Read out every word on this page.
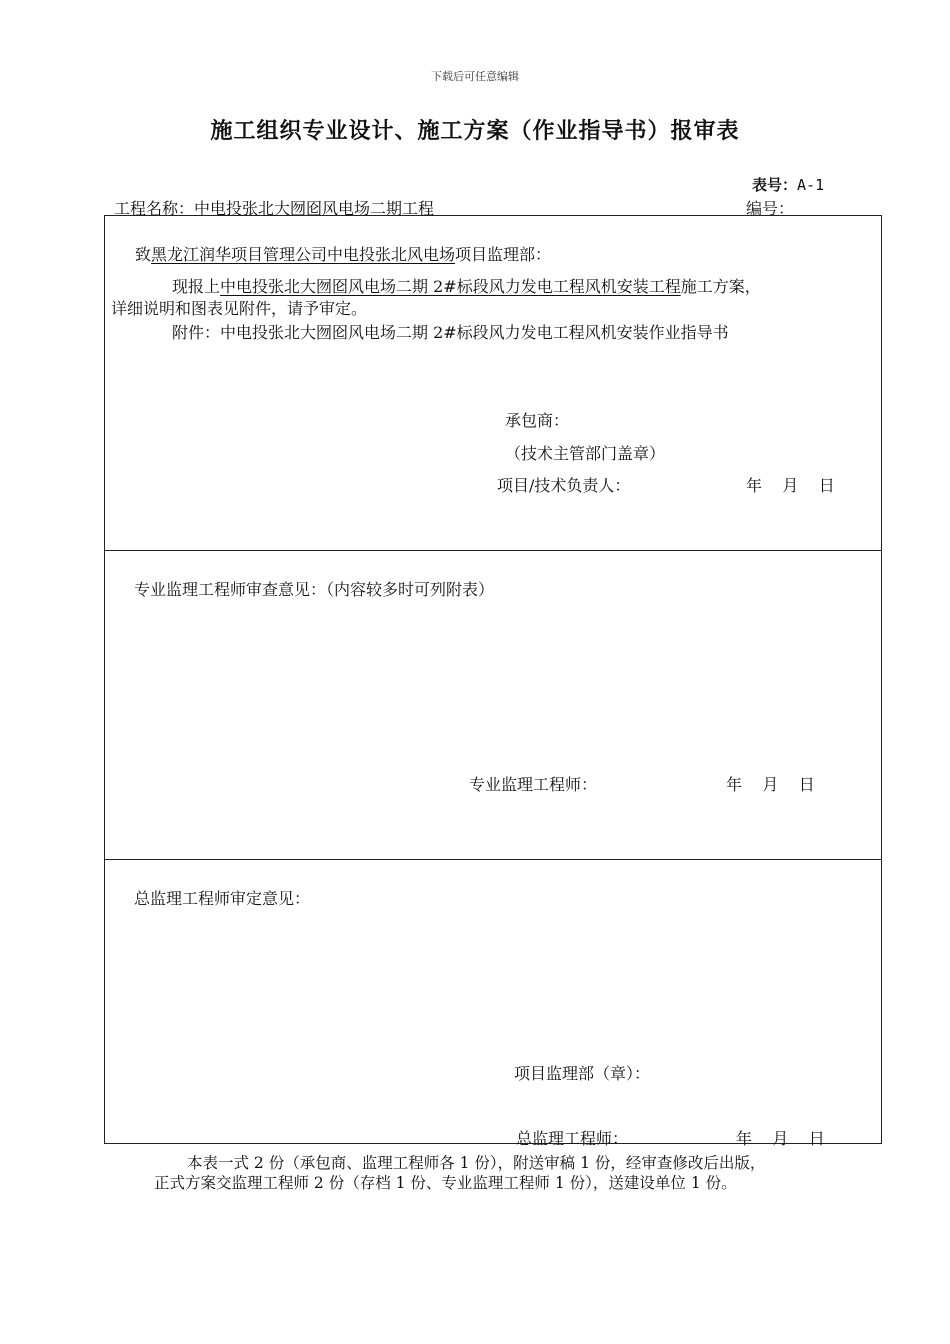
下载后可任意编辑
施工组织专业设计、施工方案（作业指导书）报审表
表号：A-1
工程名称：中电投张北大囫囵风电场二期工程	编号：
致黑龙江润华项目管理公司中电投张北风电场项目监理部：
现报上中电投张北大囫囵风电场二期 2#标段风力发电工程风机安装工程施工方案，
详细说明和图表见附件，请予审定。
附件：中电投张北大囫囵风电场二期 2#标段风力发电工程风机安装作业指导书
承包商：
（技术主管部门盖章）
项目/技术负责人：	年    月    日
专业监理工程师审查意见：（内容较多时可列附表）
专业监理工程师：	年    月    日
总监理工程师审定意见：
项目监理部（章）：
总监理工程师：	年    月    日
本表一式 2 份（承包商、监理工程师各 1 份），附送审稿 1 份，经审查修改后出版，
正式方案交监理工程师 2 份（存档 1 份、专业监理工程师 1 份），送建设单位 1 份。
